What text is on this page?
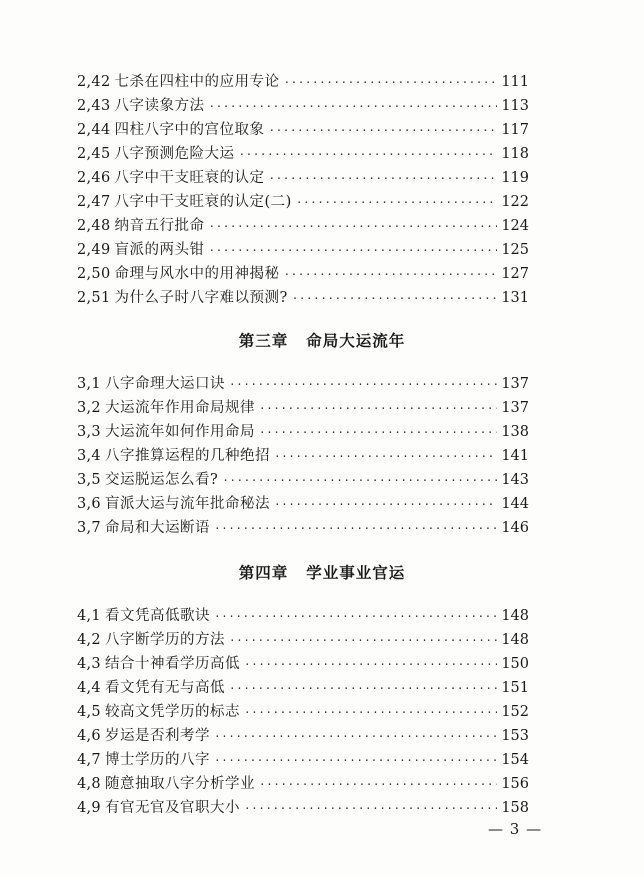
2,42 七杀在四柱中的应用专论 ·····	111
2,43 八字读象方法 ·····	113
2,44 四柱八字中的宫位取象 ·····	117
2,45 八字预测危险大运 ·····	118
2,46 八字中干支旺衰的认定 ·····	119
2,47 八字中干支旺衰的认定(二) ·····	122
2,48 纳音五行批命 ·····	124
2,49 盲派的两头钳 ·····	125
2,50 命理与风水中的用神揭秘 ·····	127
2,51 为什么子时八字难以预测? ·····	131
第三章 命局大运流年
3,1 八字命理大运口诀 ·····	137
3,2 大运流年作用命局规律 ·····	137
3,3 大运流年如何作用命局 ·····	138
3,4 八字推算运程的几种绝招 ·····	141
3,5 交运脱运怎么看? ·····	143
3,6 盲派大运与流年批命秘法 ·····	144
3,7 命局和大运断语 ·····	146
第四章 学业事业官运
4,1 看文凭高低歌诀 ·····	148
4,2 八字断学历的方法 ·····	148
4,3 结合十神看学历高低 ·····	150
4,4 看文凭有无与高低 ·····	151
4,5 较高文凭学历的标志 ·····	152
4,6 岁运是否利考学 ·····	153
4,7 博士学历的八字 ·····	154
4,8 随意抽取八字分析学业 ·····	156
4,9 有官无官及官职大小 ·····	158
— 3 —
